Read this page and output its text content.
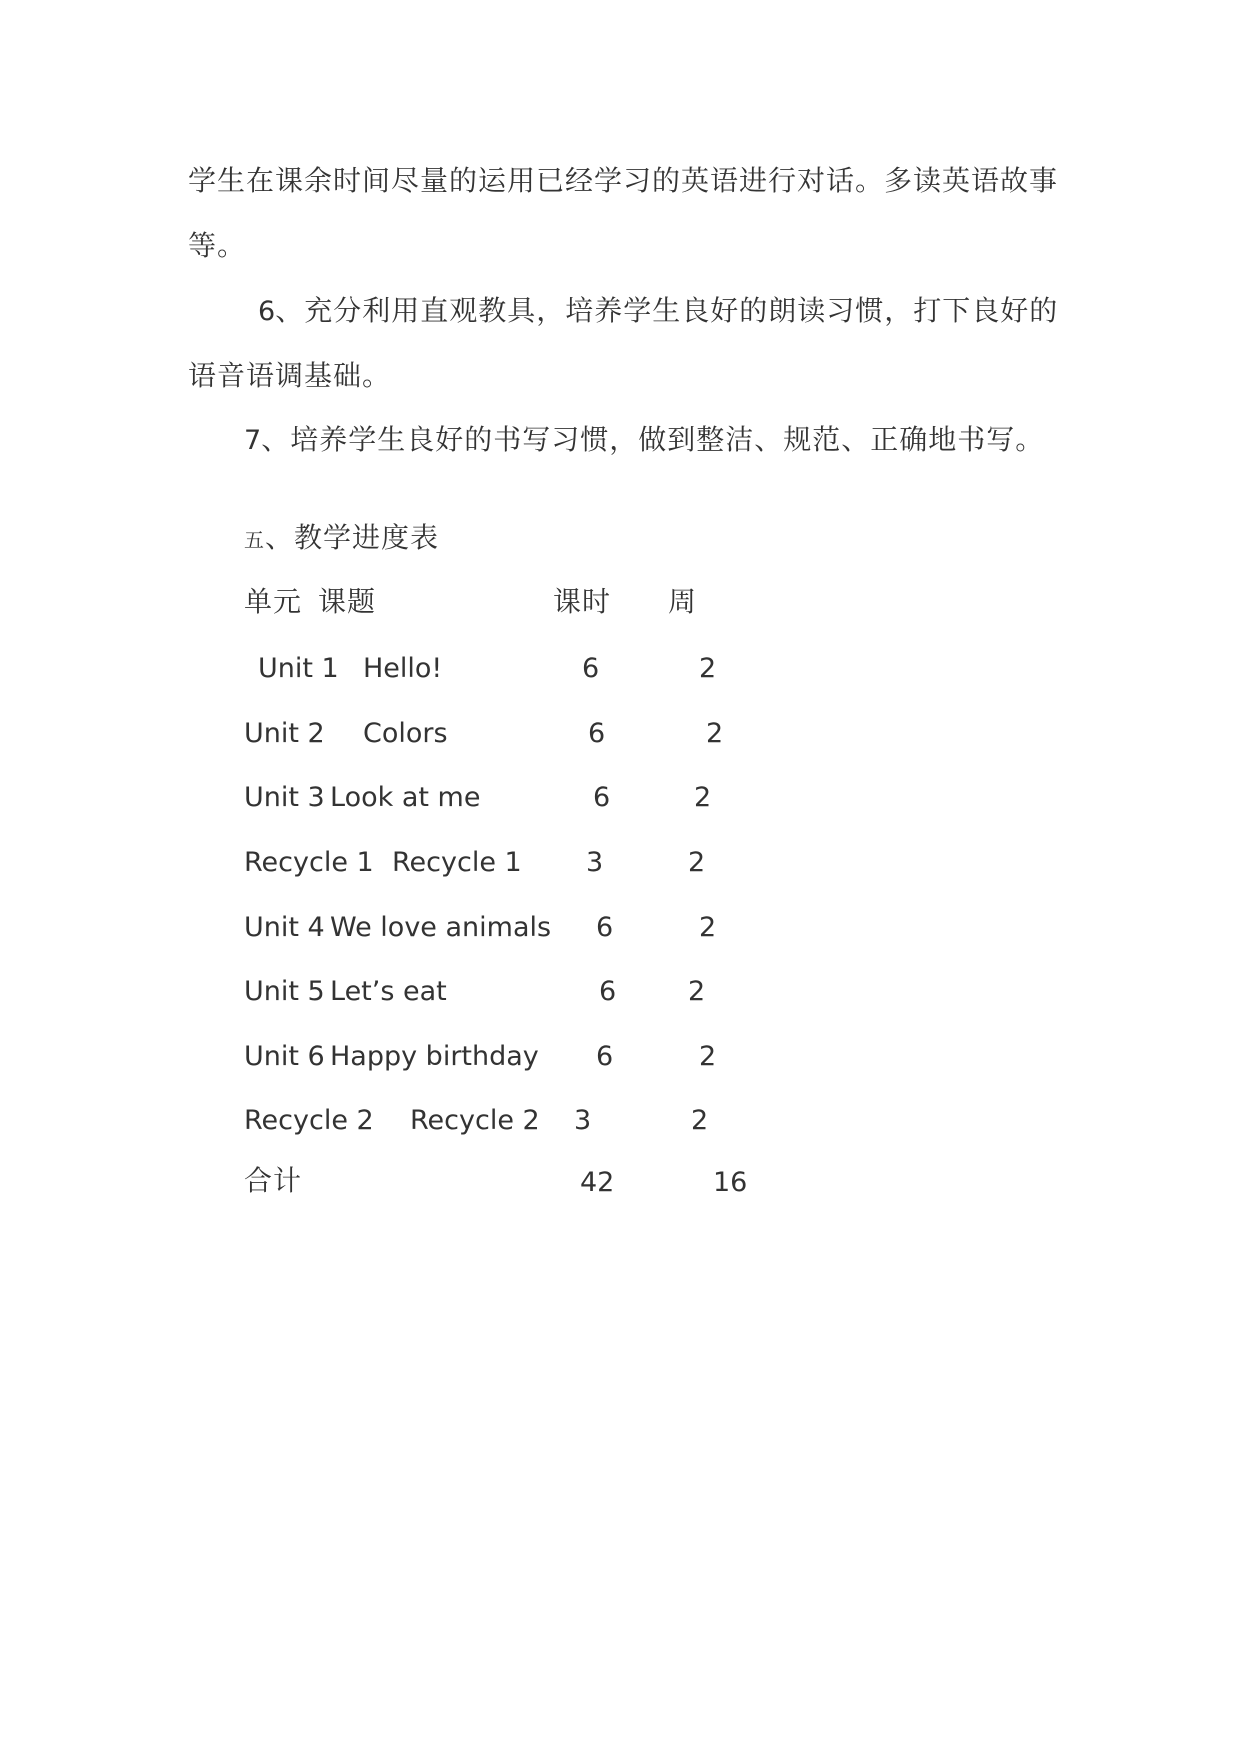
学生在课余时间尽量的运用已经学习的英语进行对话。多读英语故事
等。
6、充分利用直观教具，培养学生良好的朗读习惯，打下良好的
语音语调基础。
7、培养学生良好的书写习惯，做到整洁、规范、正确地书写。
五、教学进度表
单元 课题	课时 周
Unit 1 Hello!	6	2
Unit 2 Colors	6	2
Unit 3 Look at me	6	2
Recycle 1 Recycle 1 3	2
Unit 4 We love animals 6	2
Unit 5 Let’s eat	6	2
Unit 6 Happy birthday 6	2
Recycle 2 Recycle 2 3	2
合计	42	16
